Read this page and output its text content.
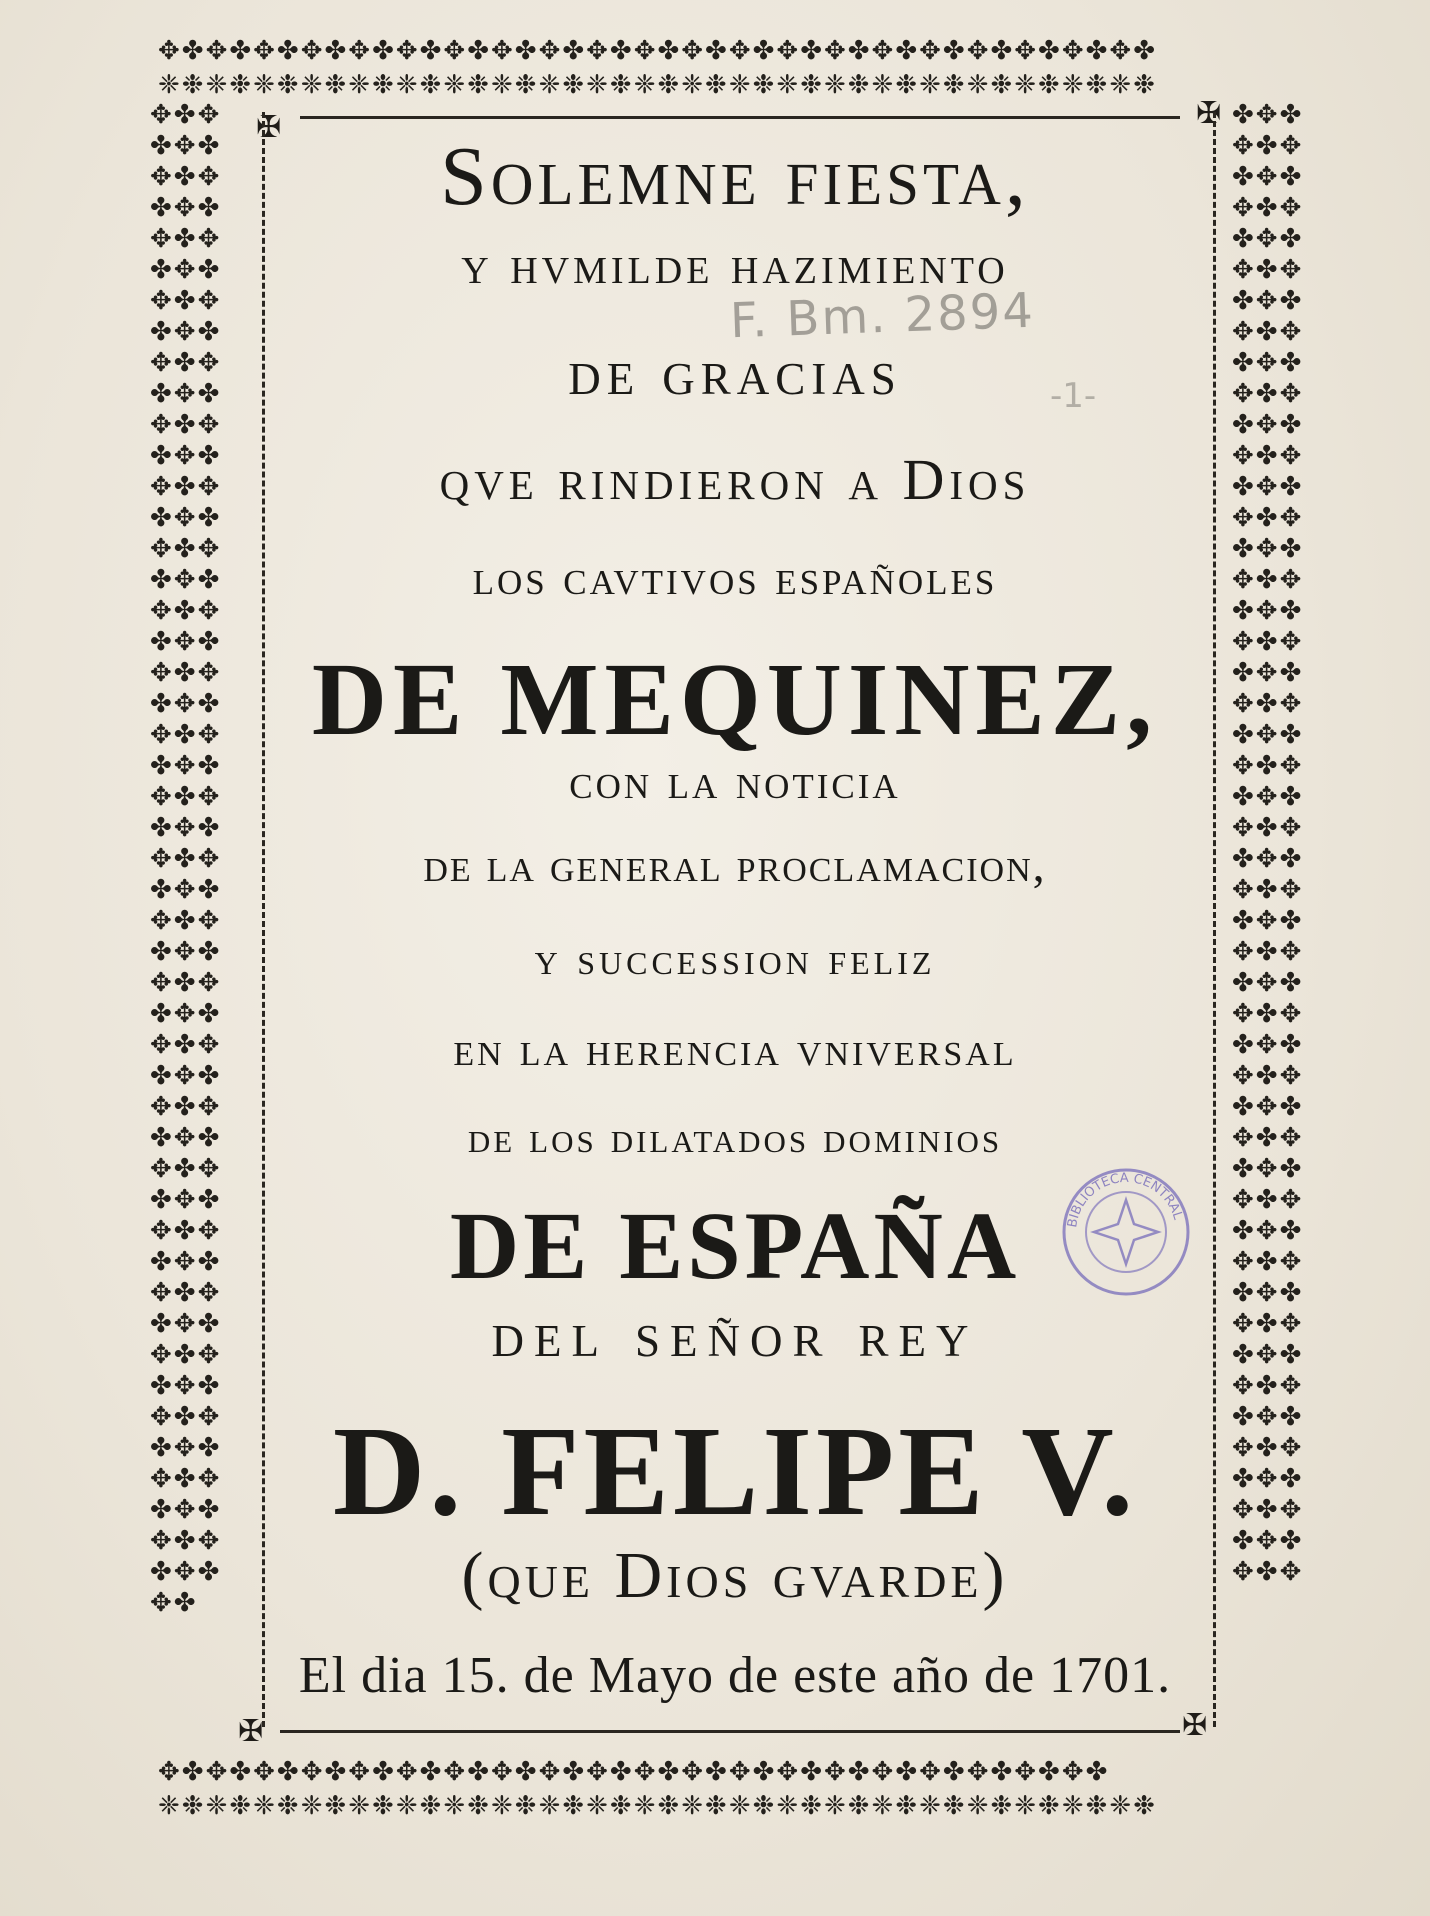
✥✤✥✤✥✤✥✤✥✤✥✤✥✤✥✤✥✤✥✤✥✤✥✤✥✤✥✤✥✤✥✤✥✤✥✤✥✤✥✤✥✤
❈❉❈❉❈❉❈❉❈❉❈❉❈❉❈❉❈❉❈❉❈❉❈❉❈❉❈❉❈❉❈❉❈❉❈❉❈❉❈❉❈❉
✥✤✥✤✥✤✥✤✥✤✥✤✥✤✥✤✥✤✥✤✥✤✥✤✥✤✥✤✥✤✥✤✥✤✥✤✥✤✥✤
❈❉❈❉❈❉❈❉❈❉❈❉❈❉❈❉❈❉❈❉❈❉❈❉❈❉❈❉❈❉❈❉❈❉❈❉❈❉❈❉❈❉
✥✤✥✤✥✤✥✤✥✤✥✤✥✤✥✤✥✤✥✤✥✤✥✤✥✤✥✤✥✤✥✤✥✤✥✤✥✤✥✤✥✤✥✤✥✤✥✤✥✤✥✤✥✤✥✤✥✤✥✤✥✤✥✤✥✤✥✤✥✤✥✤✥✤✥✤✥✤✥✤✥✤✥✤✥✤✥✤✥✤✥✤✥✤✥✤✥✤✥✤✥✤✥✤✥✤✥✤✥✤✥✤✥✤✥✤✥✤✥✤✥✤✥✤✥✤✥✤✥✤✥✤✥✤✥✤✥✤✥✤✥✤✥✤✥✤
✤✥✤✥✤✥✤✥✤✥✤✥✤✥✤✥✤✥✤✥✤✥✤✥✤✥✤✥✤✥✤✥✤✥✤✥✤✥✤✥✤✥✤✥✤✥✤✥✤✥✤✥✤✥✤✥✤✥✤✥✤✥✤✥✤✥✤✥✤✥✤✥✤✥✤✥✤✥✤✥✤✥✤✥✤✥✤✥✤✥✤✥✤✥✤✥✤✥✤✥✤✥✤✥✤✥✤✥✤✥✤✥✤✥✤✥✤✥✤✥✤✥✤✥✤✥✤✥✤✥✤✥✤✥✤✥✤✥✤✥✤✥✤✥
✠	✠
✠	✠
Solemne fiesta,
y hvmilde hazimiento
de gracias
qve rindieron a Dios
los cavtivos españoles
DE MEQUINEZ,
con la noticia
de la general proclamacion,
y succession feliz
en la herencia vniversal
de los dilatados dominios
DE ESPAÑA
del señor rey
D. FELIPE V.
(que Dios gvarde)
El dia 15. de Mayo de este año de 1701.
F. Bm. 2894
-1-
BIBLIOTECA CENTRAL
